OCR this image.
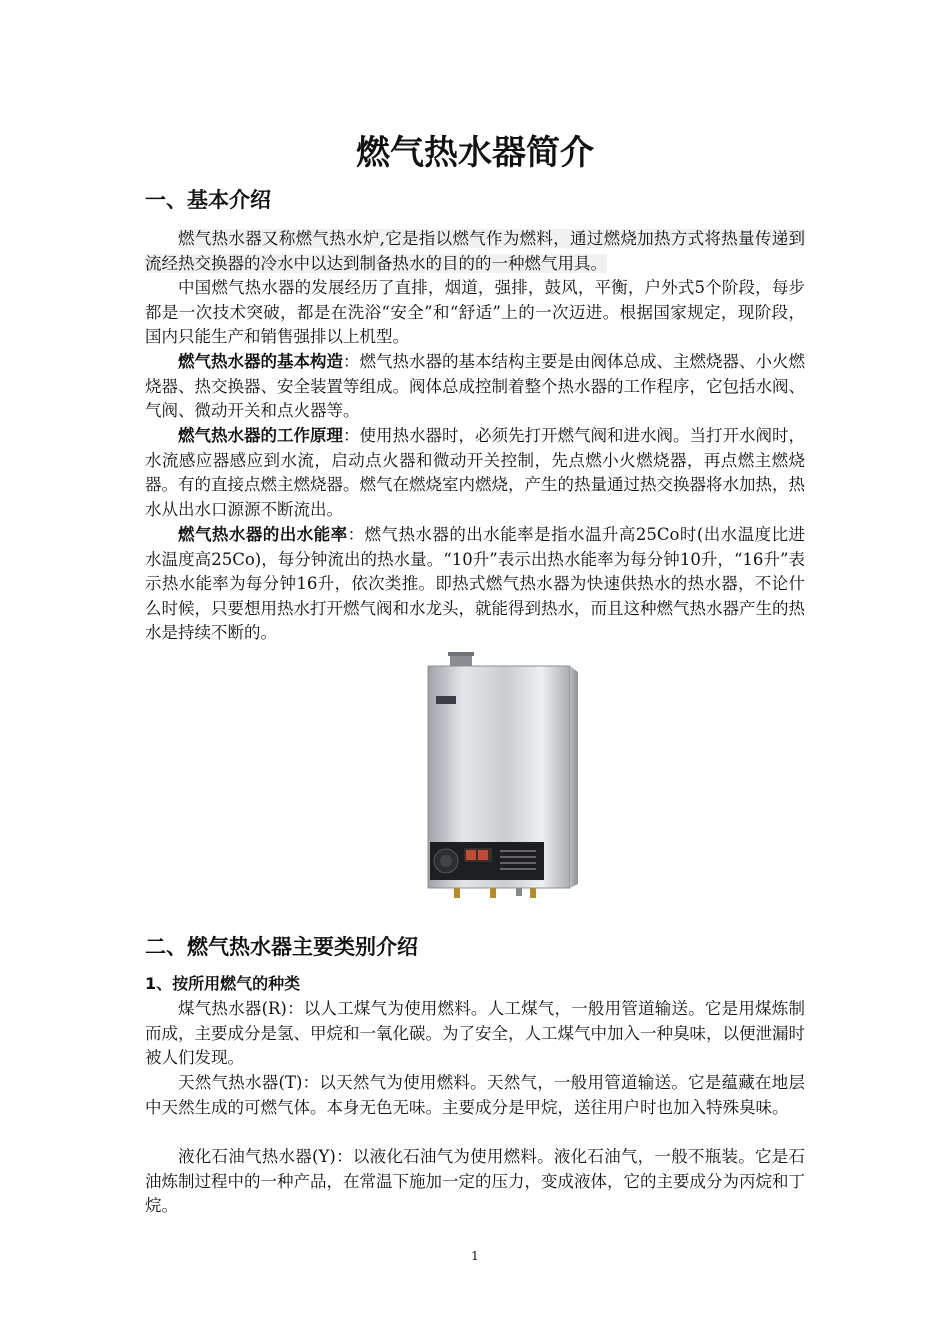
燃气热水器简介
一、基本介绍

燃气热水器又称燃气热水炉,它是指以燃气作为燃料，通过燃烧加热方式将热量传递到流经热交换器的冷水中以达到制备热水的目的的一种燃气用具。

中国燃气热水器的发展经历了直排，烟道，强排，鼓风，平衡，户外式5个阶段，每步都是一次技术突破，都是在洗浴“安全”和“舒适”上的一次迈进。根据国家规定，现阶段，国内只能生产和销售强排以上机型。

燃气热水器的基本构造：燃气热水器的基本结构主要是由阀体总成、主燃烧器、小火燃烧器、热交换器、安全装置等组成。阀体总成控制着整个热水器的工作程序，它包括水阀、气阀、微动开关和点火器等。

燃气热水器的工作原理：使用热水器时，必须先打开燃气阀和进水阀。当打开水阀时，水流感应器感应到水流，启动点火器和微动开关控制，先点燃小火燃烧器，再点燃主燃烧器。有的直接点燃主燃烧器。燃气在燃烧室内燃烧，产生的热量通过热交换器将水加热，热水从出水口源源不断流出。

燃气热水器的出水能率：燃气热水器的出水能率是指水温升高25Co时(出水温度比进水温度高25Co)，每分钟流出的热水量。“10升”表示出热水能率为每分钟10升，“16升”表示热水能率为每分钟16升，依次类推。即热式燃气热水器为快速供热水的热水器，不论什么时候，只要想用热水打开燃气阀和水龙头，就能得到热水，而且这种燃气热水器产生的热水是持续不断的。

二、燃气热水器主要类别介绍
1、按所用燃气的种类

煤气热水器(R)：以人工煤气为使用燃料。人工煤气，一般用管道输送。它是用煤炼制而成，主要成分是氢、甲烷和一氧化碳。为了安全，人工煤气中加入一种臭味，以便泄漏时被人们发现。

天然气热水器(T)：以天然气为使用燃料。天然气，一般用管道输送。它是蕴藏在地层中天然生成的可燃气体。本身无色无味。主要成分是甲烷，送往用户时也加入特殊臭味。

液化石油气热水器(Y)：以液化石油气为使用燃料。液化石油气，一般不瓶装。它是石油炼制过程中的一种产品，在常温下施加一定的压力，变成液体，它的主要成分为丙烷和丁烷。

1
